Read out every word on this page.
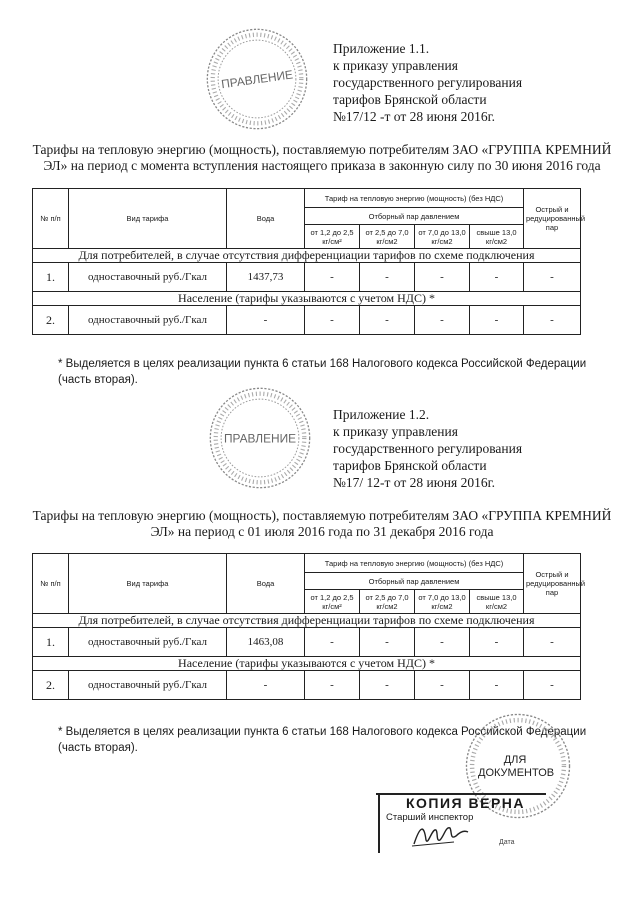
Приложение 1.1.
к приказу управления
государственного регулирования
тарифов Брянской области
№17/12 -т от 28 июня 2016г.
ПРАВЛЕНИЕ
Тарифы на тепловую энергию (мощность), поставляемую потребителям ЗАО «ГРУППА КРЕМНИЙ ЭЛ» на период с момента вступления настоящего приказа в законную силу по 30 июня 2016 года
№ п/п	Вид тарифа	Вода	Тариф на тепловую энергию (мощность) (без НДС)				Острый и редуцированный пар
			Отборный пар давлением				
			от 1,2 до 2,5 кг/см²	от 2,5 до 7,0 кг/см2	от 7,0 до 13,0 кг/см2	свыше 13,0 кг/см2	
Для потребителей, в случае отсутствия дифференциации тарифов по схеме подключения							
1.	одноставочный руб./Гкал	1437,73	-	-	-	-	-
Население (тарифы указываются с учетом НДС) *							
2.	одноставочный руб./Гкал	-	-	-	-	-	-
* Выделяется в целях реализации пункта 6 статьи 168 Налогового кодекса Российской Федерации (часть вторая).
ПРАВЛЕНИЕ
Приложение 1.2.
к приказу управления
государственного регулирования
тарифов Брянской области
№17/ 12-т от 28 июня 2016г.
Тарифы на тепловую энергию (мощность), поставляемую потребителям ЗАО «ГРУППА КРЕМНИЙ ЭЛ» на период с 01 июля 2016 года по 31 декабря 2016 года
№ п/п	Вид тарифа	Вода	Тариф на тепловую энергию (мощность) (без НДС)				Острый и редуцированный пар
			Отборный пар давлением				
			от 1,2 до 2,5 кг/см²	от 2,5 до 7,0 кг/см2	от 7,0 до 13,0 кг/см2	свыше 13,0 кг/см2	
Для потребителей, в случае отсутствия дифференциации тарифов по схеме подключения							
1.	одноставочный руб./Гкал	1463,08	-	-	-	-	-
Население (тарифы указываются с учетом НДС) *							
2.	одноставочный руб./Гкал	-	-	-	-	-	-
* Выделяется в целях реализации пункта 6 статьи 168 Налогового кодекса Российской Федерации (часть вторая).
ДЛЯ ДОКУМЕНТОВ
КОПИЯ ВЕРНА
Старший инспектор
Дата
